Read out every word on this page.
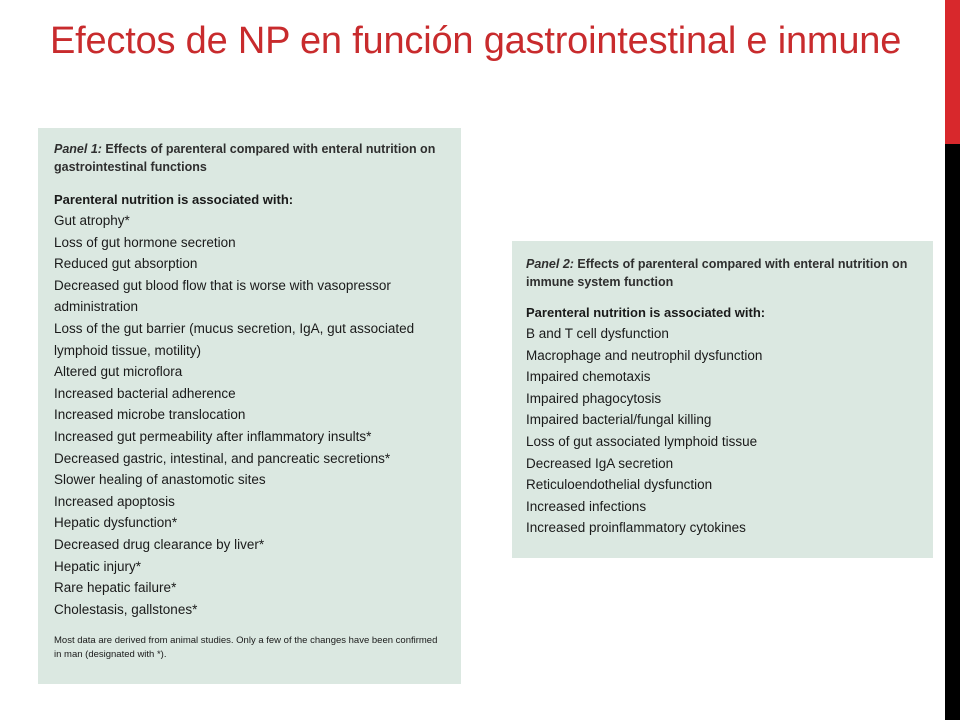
Efectos de NP en función gastrointestinal e inmune

Panel 1: Effects of parenteral compared with enteral nutrition on gastrointestinal functions

Parenteral nutrition is associated with:

Gut atrophy*
Loss of gut hormone secretion
Reduced gut absorption
Decreased gut blood flow that is worse with vasopressor administration
Loss of the gut barrier (mucus secretion, IgA, gut associated lymphoid tissue, motility)
Altered gut microflora
Increased bacterial adherence
Increased microbe translocation
Increased gut permeability after inflammatory insults*
Decreased gastric, intestinal, and pancreatic secretions*
Slower healing of anastomotic sites
Increased apoptosis
Hepatic dysfunction*
Decreased drug clearance by liver*
Hepatic injury*
Rare hepatic failure*
Cholestasis, gallstones*

Most data are derived from animal studies. Only a few of the changes have been confirmed in man (designated with *).

Panel 2: Effects of parenteral compared with enteral nutrition on immune system function

Parenteral nutrition is associated with:

B and T cell dysfunction
Macrophage and neutrophil dysfunction
Impaired chemotaxis
Impaired phagocytosis
Impaired bacterial/fungal killing
Loss of gut associated lymphoid tissue
Decreased IgA secretion
Reticuloendothelial dysfunction
Increased infections
Increased proinflammatory cytokines
